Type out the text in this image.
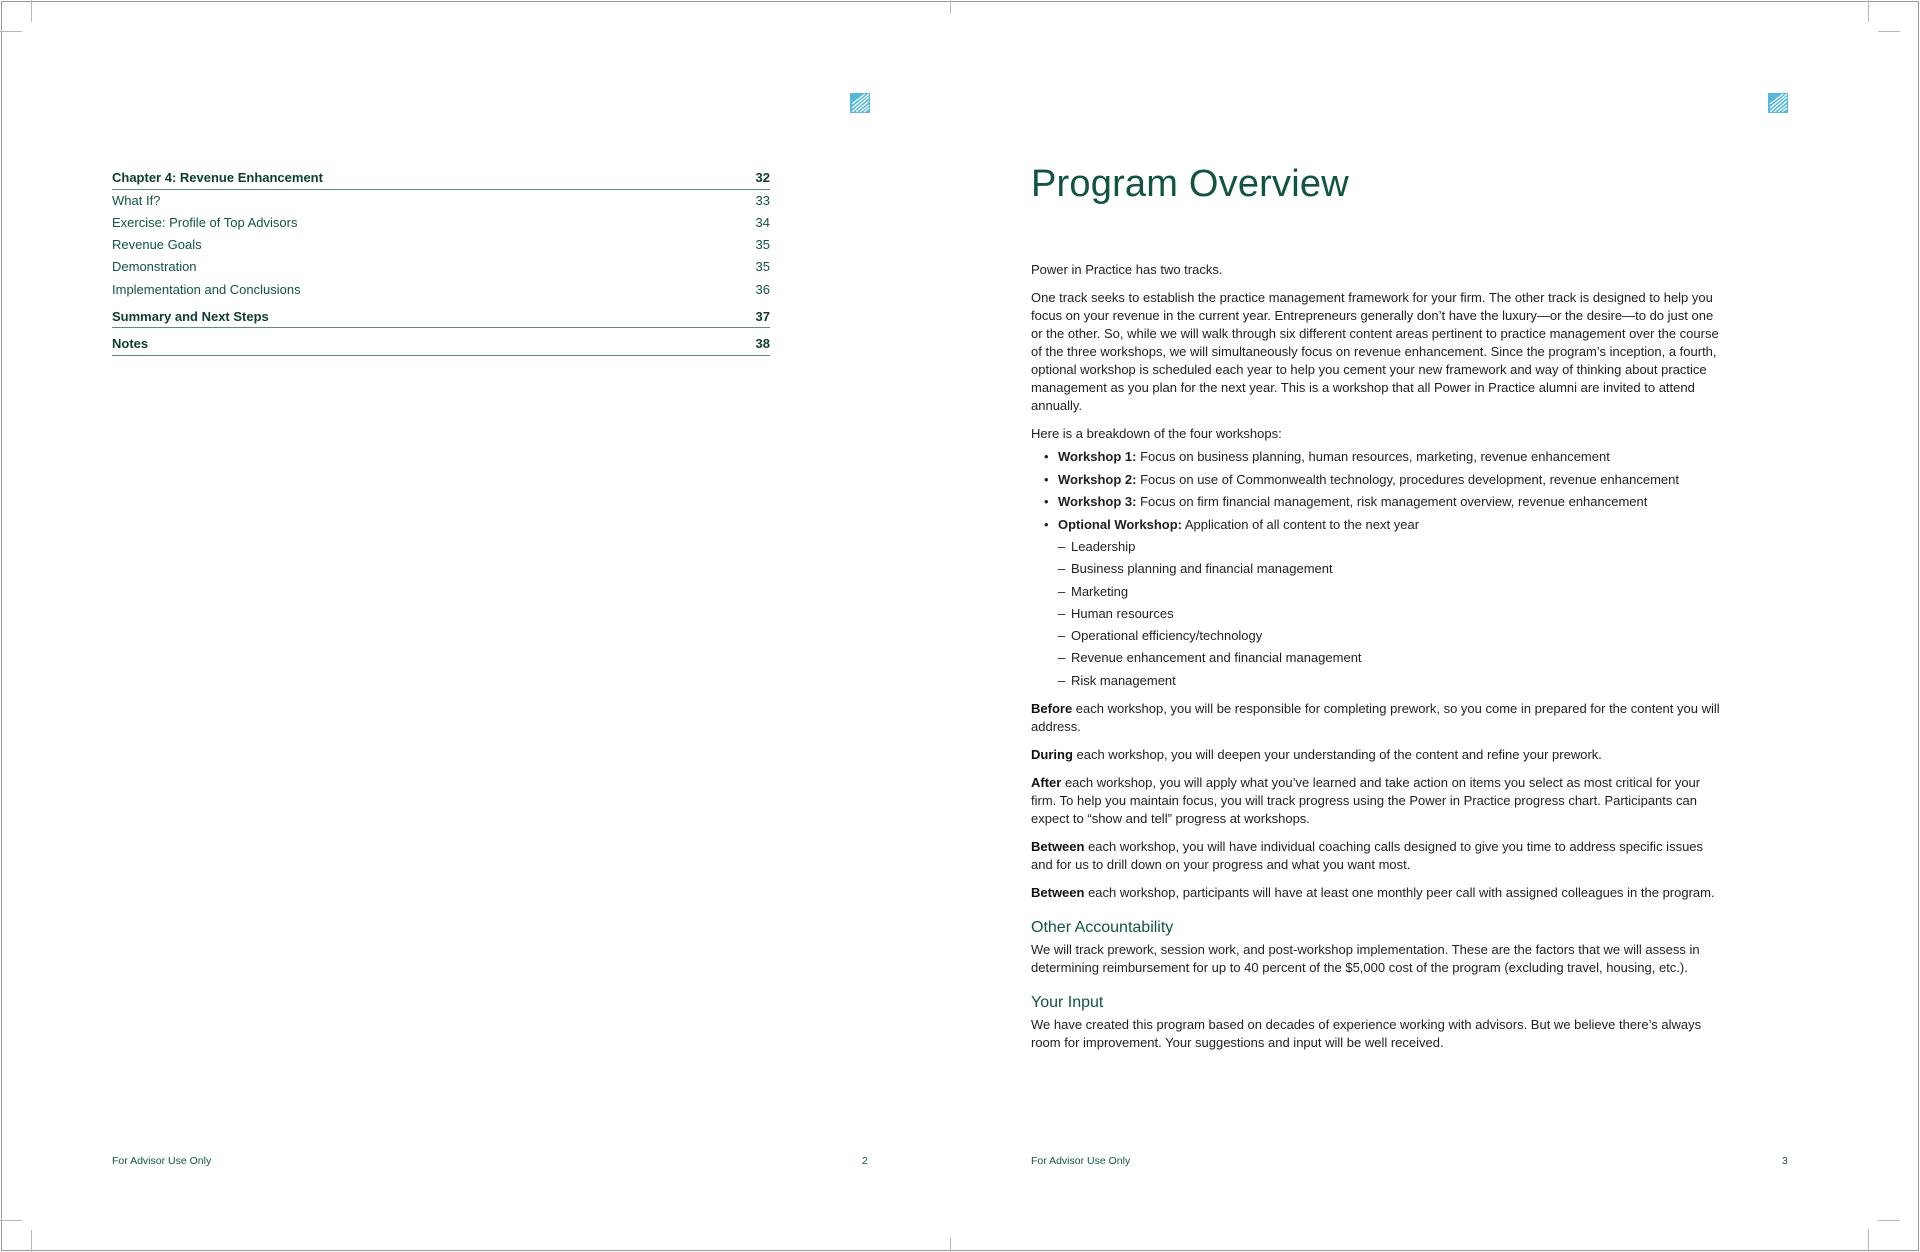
Chapter 4: Revenue Enhancement	32
What If?	33
Exercise: Profile of Top Advisors	34
Revenue Goals	35
Demonstration	35
Implementation and Conclusions	36
Summary and Next Steps	37
Notes	38
For Advisor Use Only	2
Program Overview

Power in Practice has two tracks.

One track seeks to establish the practice management framework for your firm. The other track is designed to help you focus on your revenue in the current year. Entrepreneurs generally don’t have the luxury—or the desire—to do just one or the other. So, while we will walk through six different content areas pertinent to practice management over the course of the three workshops, we will simultaneously focus on revenue enhancement. Since the program’s inception, a fourth, optional workshop is scheduled each year to help you cement your new framework and way of thinking about practice management as you plan for the next year. This is a workshop that all Power in Practice alumni are invited to attend annually.

Here is a breakdown of the four workshops:

• Workshop 1: Focus on business planning, human resources, marketing, revenue enhancement
• Workshop 2: Focus on use of Commonwealth technology, procedures development, revenue enhancement
• Workshop 3: Focus on firm financial management, risk management overview, revenue enhancement
• Optional Workshop: Application of all content to the next year
– Leadership
– Business planning and financial management
– Marketing
– Human resources
– Operational efficiency/technology
– Revenue enhancement and financial management
– Risk management

Before each workshop, you will be responsible for completing prework, so you come in prepared for the content you will address.

During each workshop, you will deepen your understanding of the content and refine your prework.

After each workshop, you will apply what you’ve learned and take action on items you select as most critical for your firm. To help you maintain focus, you will track progress using the Power in Practice progress chart. Participants can expect to “show and tell” progress at workshops.

Between each workshop, you will have individual coaching calls designed to give you time to address specific issues and for us to drill down on your progress and what you want most.

Between each workshop, participants will have at least one monthly peer call with assigned colleagues in the program.

Other Accountability

We will track prework, session work, and post-workshop implementation. These are the factors that we will assess in determining reimbursement for up to 40 percent of the $5,000 cost of the program (excluding travel, housing, etc.).

Your Input

We have created this program based on decades of experience working with advisors. But we believe there’s always room for improvement. Your suggestions and input will be well received.

For Advisor Use Only	3
